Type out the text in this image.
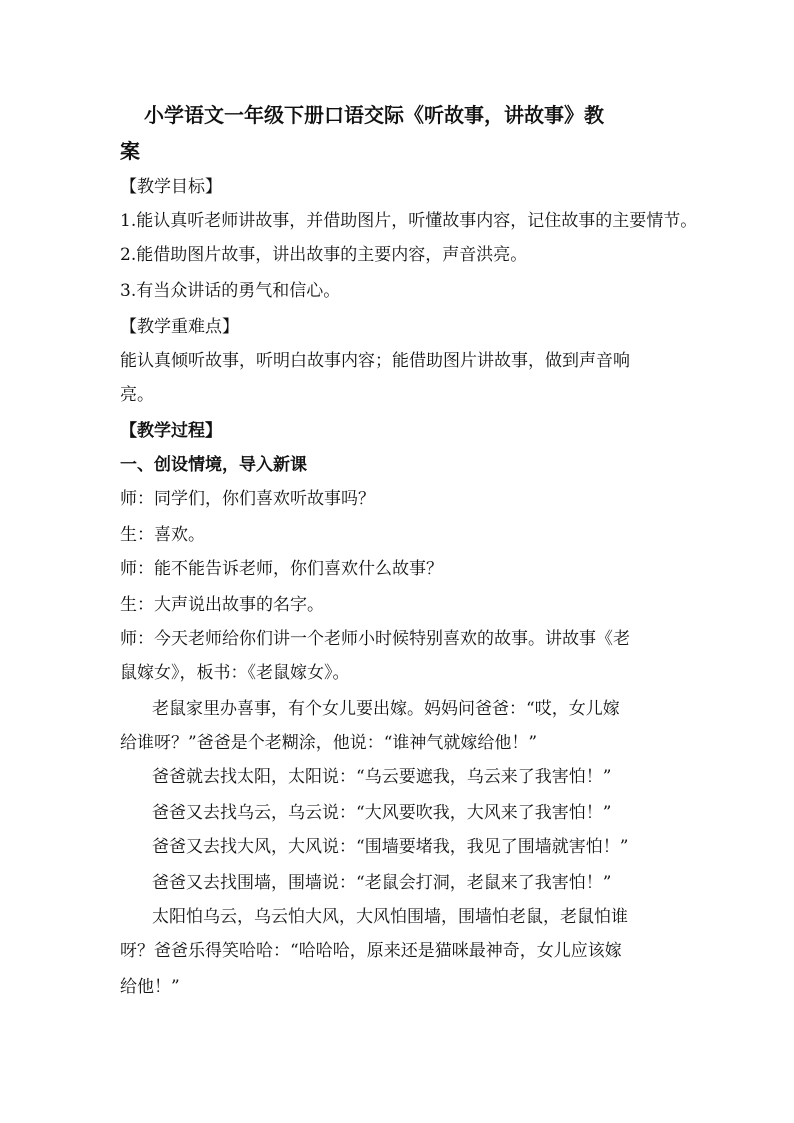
小学语文一年级下册口语交际《听故事，讲故事》教
案
【教学目标】
1.能认真听老师讲故事，并借助图片，听懂故事内容，记住故事的主要情节。
2.能借助图片故事，讲出故事的主要内容，声音洪亮。
3.有当众讲话的勇气和信心。
【教学重难点】
能认真倾听故事，听明白故事内容；能借助图片讲故事，做到声音响
亮。
【教学过程】
一、创设情境，导入新课
师：同学们，你们喜欢听故事吗？
生：喜欢。
师：能不能告诉老师，你们喜欢什么故事？
生：大声说出故事的名字。
师：今天老师给你们讲一个老师小时候特别喜欢的故事。讲故事《老
鼠嫁女》，板书：《老鼠嫁女》。
老鼠家里办喜事，有个女儿要出嫁。妈妈问爸爸：“哎，女儿嫁
给谁呀？”爸爸是个老糊涂，他说：“谁神气就嫁给他！”
爸爸就去找太阳，太阳说：“乌云要遮我，乌云来了我害怕！”
爸爸又去找乌云，乌云说：“大风要吹我，大风来了我害怕！”
爸爸又去找大风，大风说：“围墙要堵我，我见了围墙就害怕！”
爸爸又去找围墙，围墙说：“老鼠会打洞，老鼠来了我害怕！”
太阳怕乌云，乌云怕大风，大风怕围墙，围墙怕老鼠，老鼠怕谁
呀？爸爸乐得笑哈哈：“哈哈哈，原来还是猫咪最神奇，女儿应该嫁
给他！”
